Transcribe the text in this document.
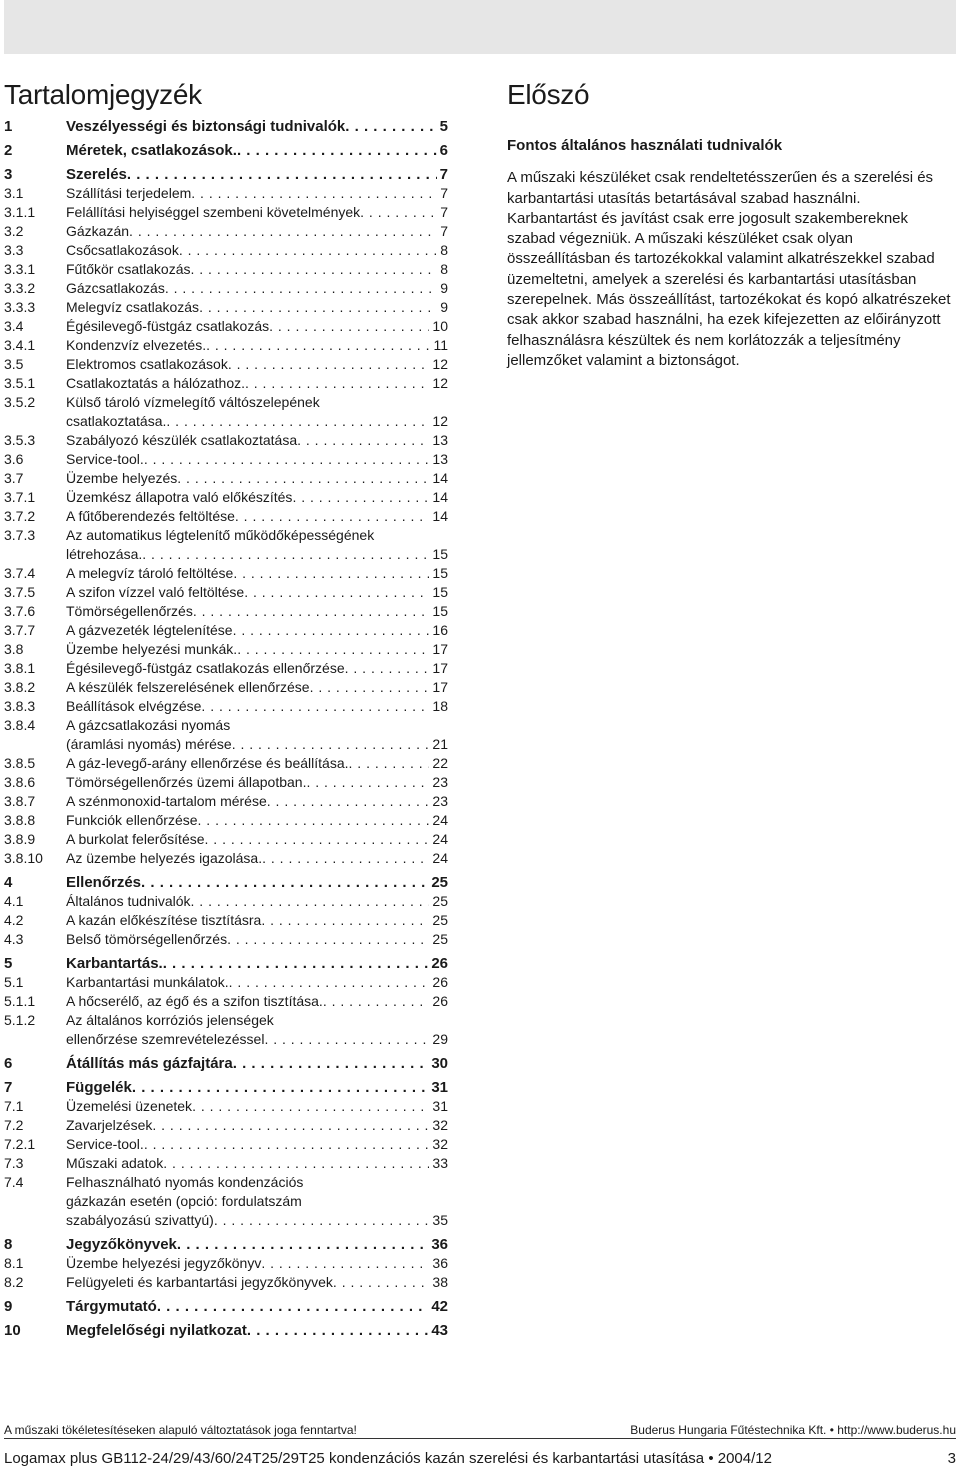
Tartalomjegyzék
1	Veszélyességi és biztonsági tudnivalók . . .	5
2	Méretek, csatlakozások. . . .	6
3	Szerelés . . .	7
3.1	Szállítási terjedelem . . .	7
3.1.1	Felállítási helyiséggel szembeni követelmények . . .	7
3.2	Gázkazán . . .	7
3.3	Csőcsatlakozások . . .	8
3.3.1	Fűtőkör csatlakozás . . .	8
3.3.2	Gázcsatlakozás . . .	9
3.3.3	Melegvíz csatlakozás . . .	9
3.4	Égésilevegő-füstgáz csatlakozás . . .	10
3.4.1	Kondenzvíz elvezetés. . . .	11
3.5	Elektromos csatlakozások . . .	12
3.5.1	Csatlakoztatás a hálózathoz. . . .	12
3.5.2	Külső tároló vízmelegítő váltószelepének
csatlakoztatása. . . .	12
3.5.3	Szabályozó készülék csatlakoztatása . . .	13
3.6	Service-tool. . . .	13
3.7	Üzembe helyezés . . .	14
3.7.1	Üzemkész állapotra való előkészítés . . .	14
3.7.2	A fűtőberendezés feltöltése . . .	14
3.7.3	Az automatikus légtelenítő működőképességének
létrehozása. . . .	15
3.7.4	A melegvíz tároló feltöltése . . .	15
3.7.5	A szifon vízzel való feltöltése . . .	15
3.7.6	Tömörségellenőrzés . . .	15
3.7.7	A gázvezeték légtelenítése . . .	16
3.8	Üzembe helyezési munkák. . . .	17
3.8.1	Égésilevegő-füstgáz csatlakozás ellenőrzése . . .	17
3.8.2	A készülék felszerelésének ellenőrzése . . .	17
3.8.3	Beállítások elvégzése . . .	18
3.8.4	A gázcsatlakozási nyomás
(áramlási nyomás) mérése . . .	21
3.8.5	A gáz-levegő-arány ellenőrzése és beállítása. . . .	22
3.8.6	Tömörségellenőrzés üzemi állapotban. . . .	23
3.8.7	A szénmonoxid-tartalom mérése . . .	23
3.8.8	Funkciók ellenőrzése . . .	24
3.8.9	A burkolat felerősítése . . .	24
3.8.10	Az üzembe helyezés igazolása. . . .	24
4	Ellenőrzés . . .	25
4.1	Általános tudnivalók . . .	25
4.2	A kazán előkészítése tisztításra . . .	25
4.3	Belső tömörségellenőrzés . . .	25
5	Karbantartás. . . .	26
5.1	Karbantartási munkálatok. . . .	26
5.1.1	A hőcserélő, az égő és a szifon tisztítása. . . .	26
5.1.2	Az általános korróziós jelenségek
ellenőrzése szemrevételezéssel . . .	29
6	Átállítás más gázfajtára . . .	30
7	Függelék . . .	31
7.1	Üzemelési üzenetek . . .	31
7.2	Zavarjelzések . . .	32
7.2.1	Service-tool. . . .	32
7.3	Műszaki adatok . . .	33
7.4	Felhasználható nyomás kondenzációs
gázkazán esetén (opció: fordulatszám
szabályozású szivattyú) . . .	35
8	Jegyzőkönyvek . . .	36
8.1	Üzembe helyezési jegyzőkönyv . . .	36
8.2	Felügyeleti és karbantartási jegyzőkönyvek . . .	38
9	Tárgymutató . . .	42
10	Megfelelőségi nyilatkozat . . .	43
Előszó
Fontos általános használati tudnivalók

A műszaki készüléket csak rendeltetésszerűen és a szerelési és karbantartási utasítás betartásával szabad használni.

Karbantartást és javítást csak erre jogosult szakembereknek szabad végezniük. A műszaki készüléket csak olyan összeállításban és tartozékokkal valamint alkatrészekkel szabad üzemeltetni, amelyek a szerelési és karbantartási utasításban szerepelnek. Más összeállítást, tartozékokat és kopó alkatrészeket csak akkor szabad használni, ha ezek kifejezetten az előirányzott felhasználásra készültek és nem korlátozzák a teljesítmény jellemzőket valamint a biztonságot.

A műszaki tökéletesítéseken alapuló változtatások joga fenntartva!	Buderus Hungaria Fűtéstechnika Kft. • http://www.buderus.hu
Logamax plus GB112-24/29/43/60/24T25/29T25 kondenzációs kazán szerelési és karbantartási utasítása • 2004/12	3
